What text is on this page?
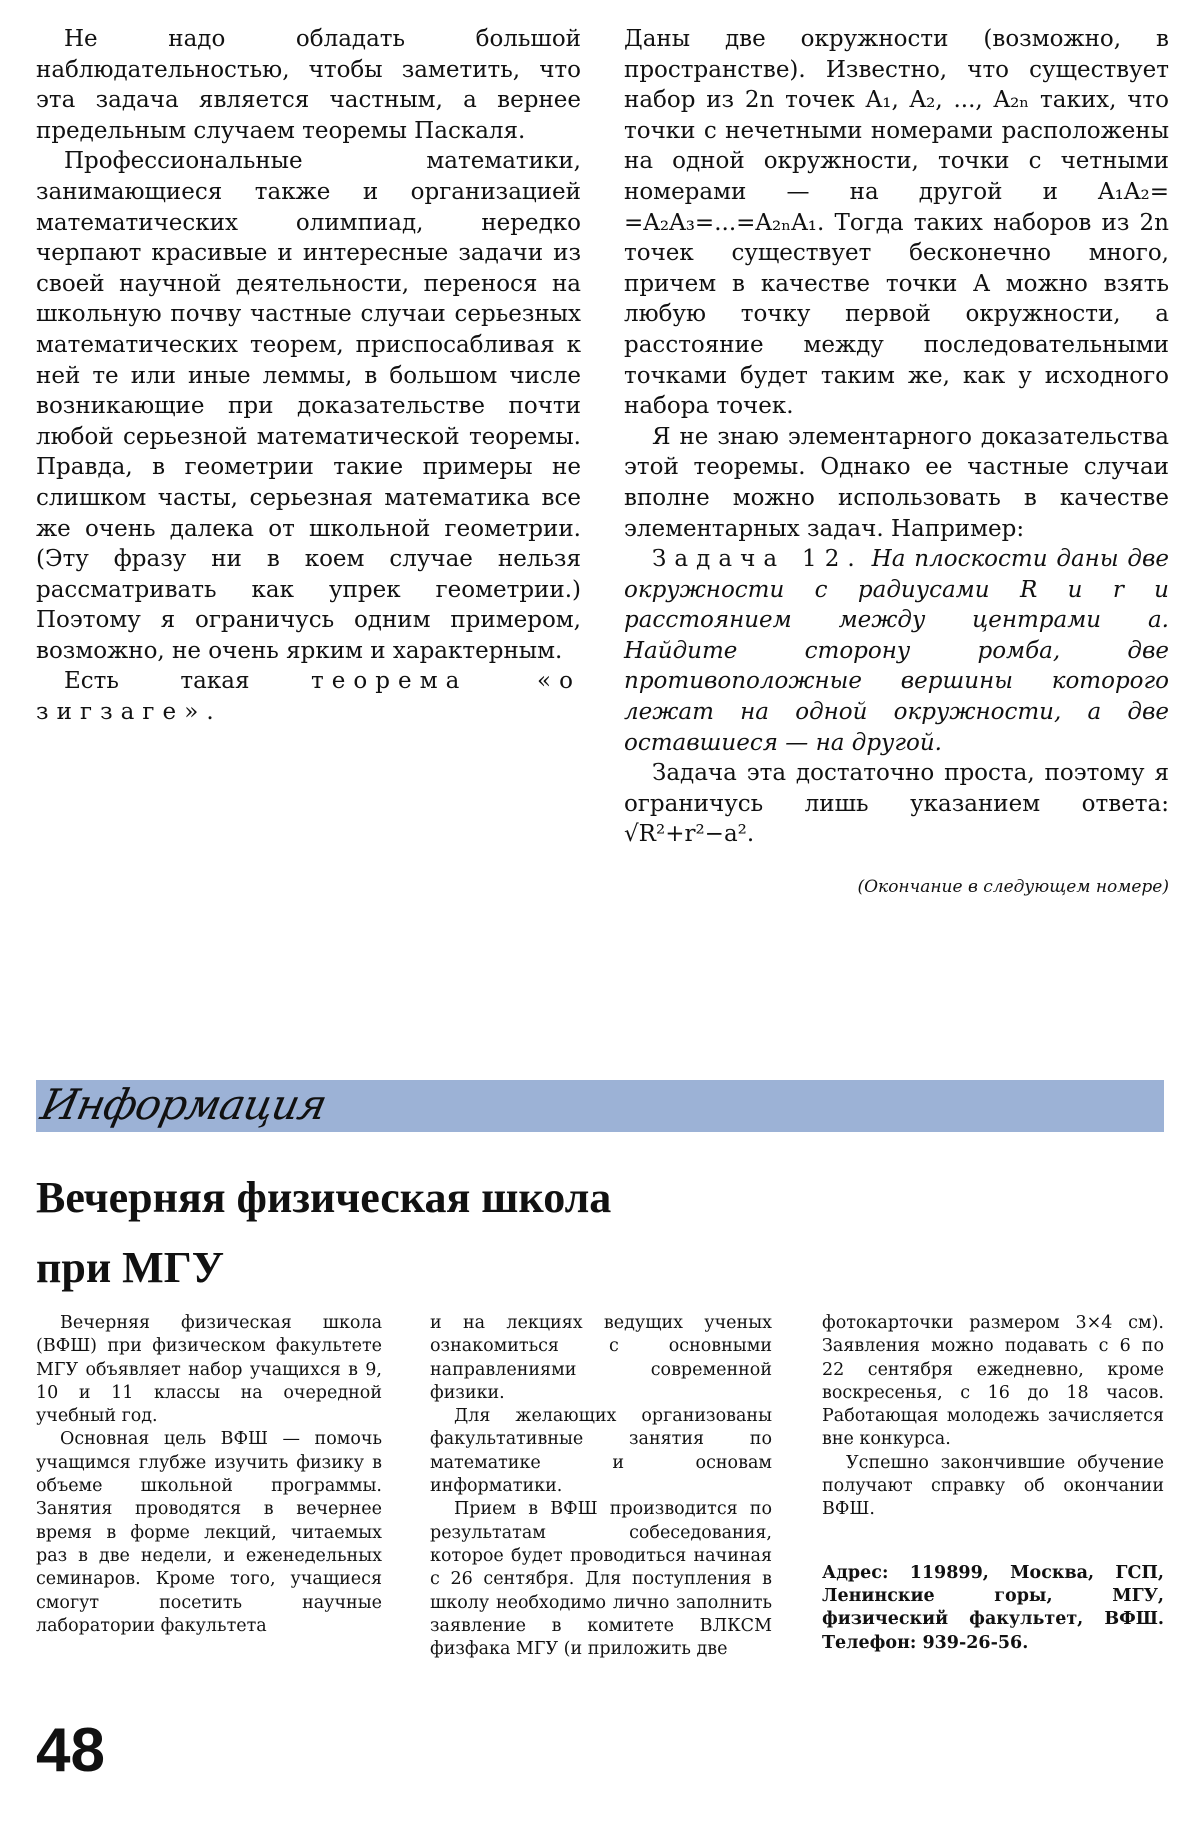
Не надо обладать большой наблюдательностью, чтобы заметить, что эта задача является частным, а вернее предельным случаем теоремы Паскаля.

Профессиональные математики, занимающиеся также и организацией математических олимпиад, нередко черпают красивые и интересные задачи из своей научной деятельности, перенося на школьную почву частные случаи серьезных математических теорем, приспосабливая к ней те или иные леммы, в большом числе возникающие при доказательстве почти любой серьезной математической теоремы. Правда, в геометрии такие примеры не слишком часты, серьезная математика все же очень далека от школьной геометрии. (Эту фразу ни в коем случае нельзя рассматривать как упрек геометрии.) Поэтому я ограничусь одним примером, возможно, не очень ярким и характерным.

Есть такая	теорема «о зигзаге».

Даны две окружности (возможно, в пространстве). Известно, что существует набор из 2n точек A₁, A₂, ..., A₂ₙ таких, что точки с нечетными номерами расположены на одной окружности, точки с четными номерами — на другой и A₁A₂= =A₂A₃=...=A₂ₙA₁. Тогда таких наборов из 2n точек существует бесконечно много, причем в качестве точки A можно взять любую точку первой окружности, а расстояние между последовательными точками будет таким же, как у исходного набора точек.

Я не знаю элементарного доказательства этой теоремы. Однако ее частные случаи вполне можно использовать в качестве элементарных задач. Например:

Задача 12. На плоскости даны две окружности с радиусами R и r и расстоянием между центрами a. Найдите сторону ромба, две противоположные вершины которого лежат на одной окружности, а две оставшиеся — на другой.

Задача эта достаточно проста, поэтому я ограничусь лишь указанием ответа: √R²+r²−a².

(Окончание в следующем номере)

Информация
Вечерняя физическая школа
при МГУ

Вечерняя физическая школа (ВФШ) при физическом факультете МГУ объявляет набор учащихся в 9, 10 и 11 классы на очередной учебный год.

Основная цель ВФШ — помочь учащимся глубже изучить физику в объеме школьной программы. Занятия проводятся в вечернее время в форме лекций, читаемых раз в две недели, и еженедельных семинаров. Кроме того, учащиеся смогут посетить научные лаборатории факультета

и на лекциях ведущих ученых ознакомиться с основными направлениями современной физики.

Для желающих организованы факультативные занятия по математике и основам информатики.

Прием в ВФШ производится по результатам собеседования, которое будет проводиться начиная с 26 сентября. Для поступления в школу необходимо лично заполнить заявление в комитете ВЛКСМ физфака МГУ (и приложить две

фотокарточки размером 3×4 см). Заявления можно подавать с 6 по 22 сентября ежедневно, кроме воскресенья, с 16 до 18 часов. Работающая молодежь зачисляется вне конкурса.

Успешно закончившие обучение получают справку об окончании ВФШ.

Адрес: 119899, Москва, ГСП, Ленинские горы, МГУ, физический факультет, ВФШ. Телефон: 939-26-56.

48
